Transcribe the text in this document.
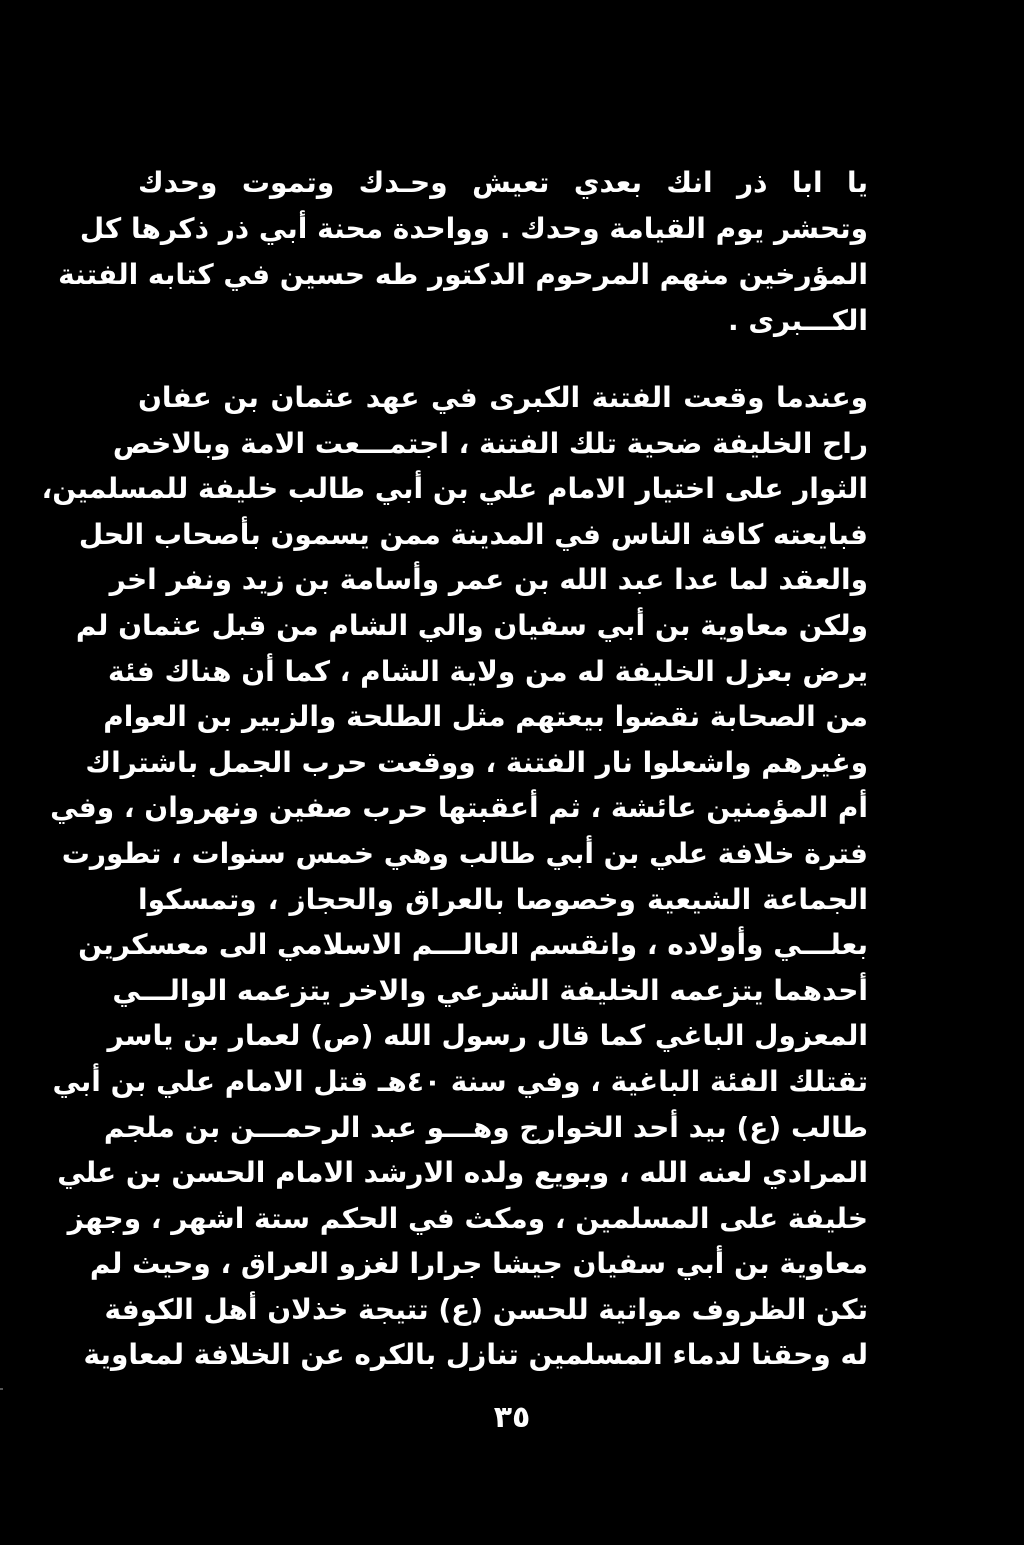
يا ابا ذر انك بعدي تعيش وحـدك وتموت وحدك
وتحشر يوم القيامة وحدك . وواحدة محنة أبي ذر ذكرها كل
المؤرخين منهم المرحوم الدكتور طه حسين في كتابه الفتنة
الكـــبرى .
وعندما وقعت الفتنة الكبرى في عهد عثمان بن عفان
راح الخليفة ضحية تلك الفتنة ، اجتمـــعت الامة وبالاخص
الثوار على اختيار الامام علي بن أبي طالب خليفة للمسلمين،
فبايعته كافة الناس في المدينة ممن يسمون بأصحاب الحل
والعقد لما عدا عبد الله بن عمر وأسامة بن زيد ونفر اخر
ولكن معاوية بن أبي سفيان والي الشام من قبل عثمان لم
يرض بعزل الخليفة له من ولاية الشام ، كما أن هناك فئة
من الصحابة نقضوا بيعتهم مثل الطلحة والزبير بن العوام
وغيرهم واشعلوا نار الفتنة ، ووقعت حرب الجمل باشتراك
أم المؤمنين عائشة ، ثم أعقبتها حرب صفين ونهروان ، وفي
فترة خلافة علي بن أبي طالب وهي خمس سنوات ، تطورت
الجماعة الشيعية وخصوصا بالعراق والحجاز ، وتمسكوا
بعلـــي وأولاده ، وانقسم العالـــم الاسلامي الى معسكرين
أحدهما يتزعمه الخليفة الشرعي والاخر يتزعمه الوالـــي
المعزول الباغي كما قال رسول الله (ص) لعمار بن ياسر
تقتلك الفئة الباغية ، وفي سنة ٤٠هـ قتل الامام علي بن أبي
طالب (ع) بيد أحد الخوارج وهـــو عبد الرحمـــن بن ملجم
المرادي لعنه الله ، وبويع ولده الارشد الامام الحسن بن علي
خليفة على المسلمين ، ومكث في الحكم ستة اشهر ، وجهز
معاوية بن أبي سفيان جيشا جرارا لغزو العراق ، وحيث لم
تكن الظروف مواتية للحسن (ع) تتيجة خذلان أهل الكوفة
له وحقنا لدماء المسلمين تنازل بالكره عن الخلافة لمعاوية
٣٥
